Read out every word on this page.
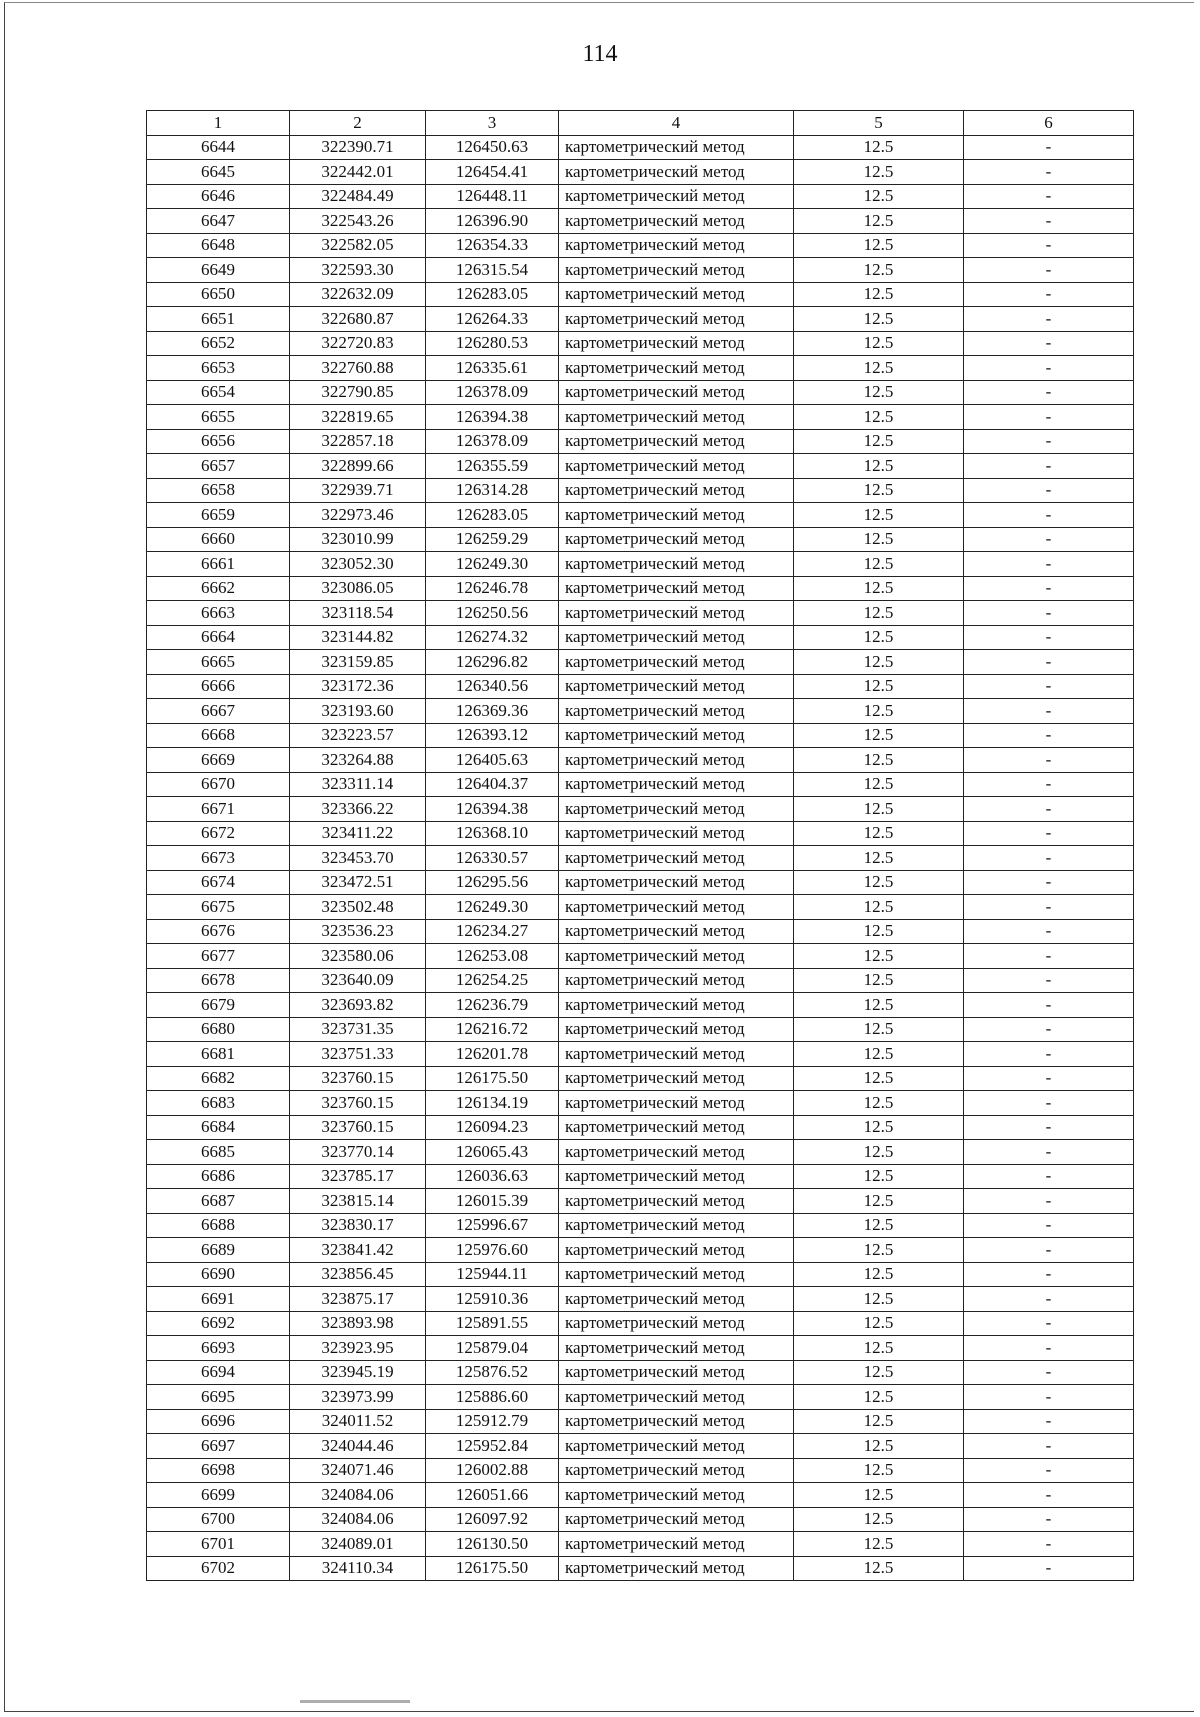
114
1	2	3	4	5	6
6644	322390.71	126450.63	картометрический метод	12.5	-
6645	322442.01	126454.41	картометрический метод	12.5	-
6646	322484.49	126448.11	картометрический метод	12.5	-
6647	322543.26	126396.90	картометрический метод	12.5	-
6648	322582.05	126354.33	картометрический метод	12.5	-
6649	322593.30	126315.54	картометрический метод	12.5	-
6650	322632.09	126283.05	картометрический метод	12.5	-
6651	322680.87	126264.33	картометрический метод	12.5	-
6652	322720.83	126280.53	картометрический метод	12.5	-
6653	322760.88	126335.61	картометрический метод	12.5	-
6654	322790.85	126378.09	картометрический метод	12.5	-
6655	322819.65	126394.38	картометрический метод	12.5	-
6656	322857.18	126378.09	картометрический метод	12.5	-
6657	322899.66	126355.59	картометрический метод	12.5	-
6658	322939.71	126314.28	картометрический метод	12.5	-
6659	322973.46	126283.05	картометрический метод	12.5	-
6660	323010.99	126259.29	картометрический метод	12.5	-
6661	323052.30	126249.30	картометрический метод	12.5	-
6662	323086.05	126246.78	картометрический метод	12.5	-
6663	323118.54	126250.56	картометрический метод	12.5	-
6664	323144.82	126274.32	картометрический метод	12.5	-
6665	323159.85	126296.82	картометрический метод	12.5	-
6666	323172.36	126340.56	картометрический метод	12.5	-
6667	323193.60	126369.36	картометрический метод	12.5	-
6668	323223.57	126393.12	картометрический метод	12.5	-
6669	323264.88	126405.63	картометрический метод	12.5	-
6670	323311.14	126404.37	картометрический метод	12.5	-
6671	323366.22	126394.38	картометрический метод	12.5	-
6672	323411.22	126368.10	картометрический метод	12.5	-
6673	323453.70	126330.57	картометрический метод	12.5	-
6674	323472.51	126295.56	картометрический метод	12.5	-
6675	323502.48	126249.30	картометрический метод	12.5	-
6676	323536.23	126234.27	картометрический метод	12.5	-
6677	323580.06	126253.08	картометрический метод	12.5	-
6678	323640.09	126254.25	картометрический метод	12.5	-
6679	323693.82	126236.79	картометрический метод	12.5	-
6680	323731.35	126216.72	картометрический метод	12.5	-
6681	323751.33	126201.78	картометрический метод	12.5	-
6682	323760.15	126175.50	картометрический метод	12.5	-
6683	323760.15	126134.19	картометрический метод	12.5	-
6684	323760.15	126094.23	картометрический метод	12.5	-
6685	323770.14	126065.43	картометрический метод	12.5	-
6686	323785.17	126036.63	картометрический метод	12.5	-
6687	323815.14	126015.39	картометрический метод	12.5	-
6688	323830.17	125996.67	картометрический метод	12.5	-
6689	323841.42	125976.60	картометрический метод	12.5	-
6690	323856.45	125944.11	картометрический метод	12.5	-
6691	323875.17	125910.36	картометрический метод	12.5	-
6692	323893.98	125891.55	картометрический метод	12.5	-
6693	323923.95	125879.04	картометрический метод	12.5	-
6694	323945.19	125876.52	картометрический метод	12.5	-
6695	323973.99	125886.60	картометрический метод	12.5	-
6696	324011.52	125912.79	картометрический метод	12.5	-
6697	324044.46	125952.84	картометрический метод	12.5	-
6698	324071.46	126002.88	картометрический метод	12.5	-
6699	324084.06	126051.66	картометрический метод	12.5	-
6700	324084.06	126097.92	картометрический метод	12.5	-
6701	324089.01	126130.50	картометрический метод	12.5	-
6702	324110.34	126175.50	картометрический метод	12.5	-
